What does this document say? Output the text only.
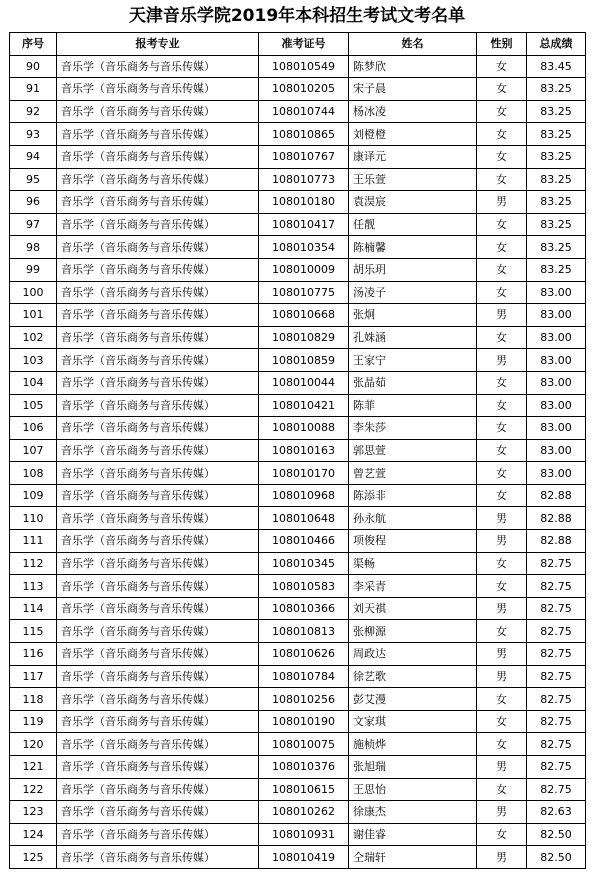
天津音乐学院2019年本科招生考试文考名单
序号	报考专业	准考证号	姓名	性别	总成绩
90	音乐学（音乐商务与音乐传媒）	108010549	陈梦欣	女	83.45
91	音乐学（音乐商务与音乐传媒）	108010205	宋子晨	女	83.25
92	音乐学（音乐商务与音乐传媒）	108010744	杨冰凌	女	83.25
93	音乐学（音乐商务与音乐传媒）	108010865	刘橙橙	女	83.25
94	音乐学（音乐商务与音乐传媒）	108010767	康译元	女	83.25
95	音乐学（音乐商务与音乐传媒）	108010773	王乐萱	女	83.25
96	音乐学（音乐商务与音乐传媒）	108010180	袁淏宸	男	83.25
97	音乐学（音乐商务与音乐传媒）	108010417	任靓	女	83.25
98	音乐学（音乐商务与音乐传媒）	108010354	陈楠馨	女	83.25
99	音乐学（音乐商务与音乐传媒）	108010009	胡乐玥	女	83.25
100	音乐学（音乐商务与音乐传媒）	108010775	汤凌子	女	83.00
101	音乐学（音乐商务与音乐传媒）	108010668	张炯	男	83.00
102	音乐学（音乐商务与音乐传媒）	108010829	孔姝涵	女	83.00
103	音乐学（音乐商务与音乐传媒）	108010859	王家宁	男	83.00
104	音乐学（音乐商务与音乐传媒）	108010044	张晶茹	女	83.00
105	音乐学（音乐商务与音乐传媒）	108010421	陈菲	女	83.00
106	音乐学（音乐商务与音乐传媒）	108010088	李朱莎	女	83.00
107	音乐学（音乐商务与音乐传媒）	108010163	郭思萱	女	83.00
108	音乐学（音乐商务与音乐传媒）	108010170	曾艺萱	女	83.00
109	音乐学（音乐商务与音乐传媒）	108010968	陈添非	女	82.88
110	音乐学（音乐商务与音乐传媒）	108010648	孙永航	男	82.88
111	音乐学（音乐商务与音乐传媒）	108010466	项俊程	男	82.88
112	音乐学（音乐商务与音乐传媒）	108010345	渠畅	女	82.75
113	音乐学（音乐商务与音乐传媒）	108010583	李采青	女	82.75
114	音乐学（音乐商务与音乐传媒）	108010366	刘天祺	男	82.75
115	音乐学（音乐商务与音乐传媒）	108010813	张柳源	女	82.75
116	音乐学（音乐商务与音乐传媒）	108010626	周政达	男	82.75
117	音乐学（音乐商务与音乐传媒）	108010784	徐艺歌	男	82.75
118	音乐学（音乐商务与音乐传媒）	108010256	彭艾漫	女	82.75
119	音乐学（音乐商务与音乐传媒）	108010190	文家琪	女	82.75
120	音乐学（音乐商务与音乐传媒）	108010075	施桢烨	女	82.75
121	音乐学（音乐商务与音乐传媒）	108010376	张旭瑞	男	82.75
122	音乐学（音乐商务与音乐传媒）	108010615	王思怡	女	82.75
123	音乐学（音乐商务与音乐传媒）	108010262	徐康杰	男	82.63
124	音乐学（音乐商务与音乐传媒）	108010931	谢佳睿	女	82.50
125	音乐学（音乐商务与音乐传媒）	108010419	仝瑞轩	男	82.50
